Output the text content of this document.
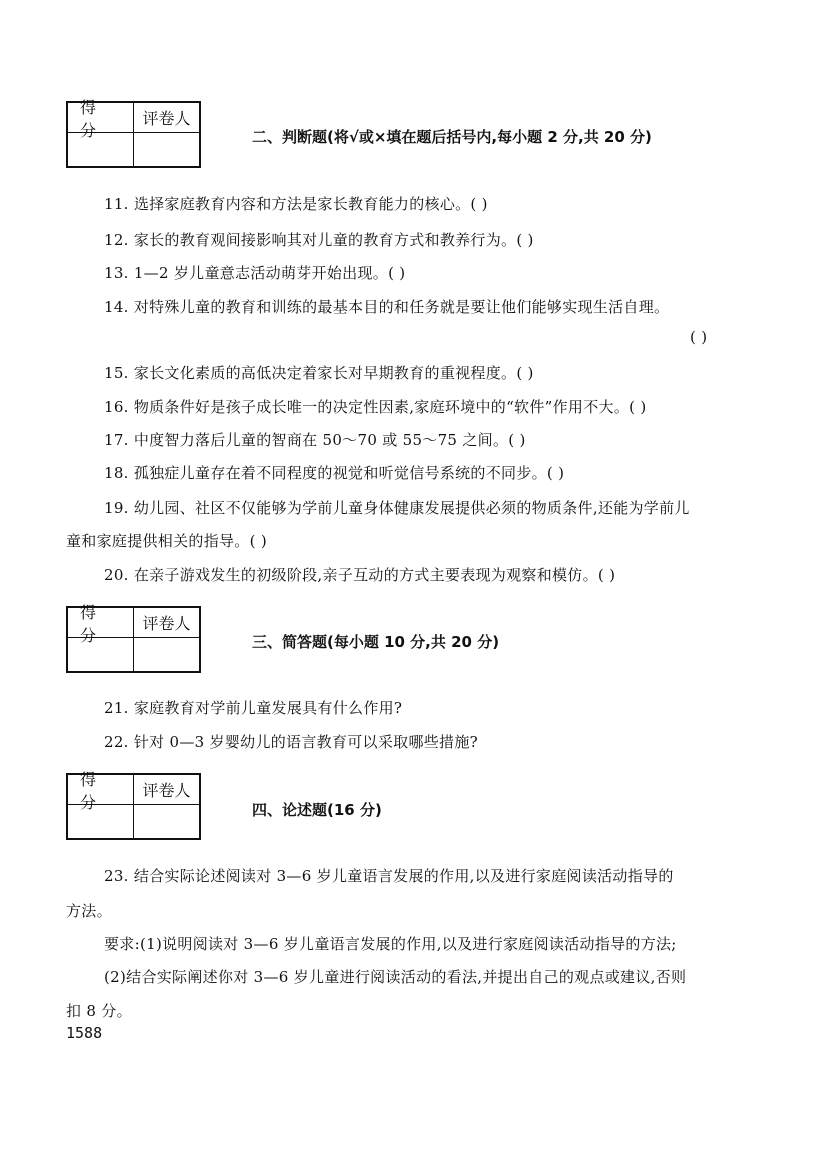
得 分
评卷人
二、判断题(将√或×填在题后括号内,每小题 2 分,共 20 分)
11. 选择家庭教育内容和方法是家长教育能力的核心。( )
12. 家长的教育观间接影响其对儿童的教育方式和教养行为。( )
13. 1—2 岁儿童意志活动萌芽开始出现。( )
14. 对特殊儿童的教育和训练的最基本目的和任务就是要让他们能够实现生活自理。
( )
15. 家长文化素质的高低决定着家长对早期教育的重视程度。( )
16. 物质条件好是孩子成长唯一的决定性因素,家庭环境中的“软件”作用不大。( )
17. 中度智力落后儿童的智商在 50～70 或 55～75 之间。( )
18. 孤独症儿童存在着不同程度的视觉和听觉信号系统的不同步。( )
19. 幼儿园、社区不仅能够为学前儿童身体健康发展提供必须的物质条件,还能为学前儿
童和家庭提供相关的指导。( )
20. 在亲子游戏发生的初级阶段,亲子互动的方式主要表现为观察和模仿。( )
得 分
评卷人
三、简答题(每小题 10 分,共 20 分)
21. 家庭教育对学前儿童发展具有什么作用?
22. 针对 0—3 岁婴幼儿的语言教育可以采取哪些措施?
得 分
评卷人
四、论述题(16 分)
23. 结合实际论述阅读对 3—6 岁儿童语言发展的作用,以及进行家庭阅读活动指导的
方法。
要求:(1)说明阅读对 3—6 岁儿童语言发展的作用,以及进行家庭阅读活动指导的方法;
(2)结合实际阐述你对 3—6 岁儿童进行阅读活动的看法,并提出自己的观点或建议,否则
扣 8 分。
1588
